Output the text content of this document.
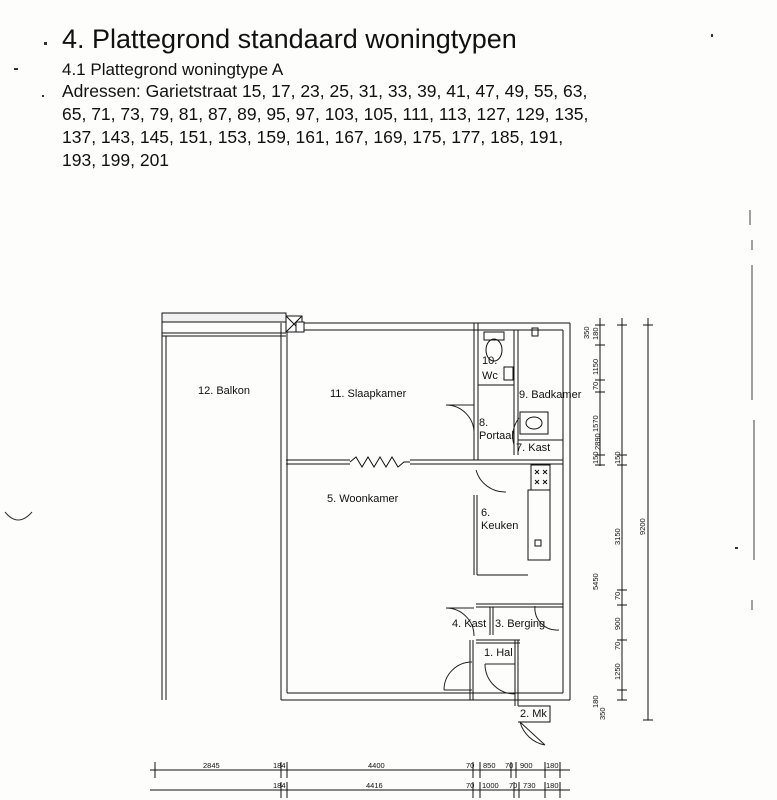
4. Plattegrond standaard woningtypen
4.1 Plattegrond woningtype A
Adressen: Garietstraat 15, 17, 23, 25, 31, 33, 39, 41, 47, 49, 55, 63,
65, 71, 73, 79, 81, 87, 89, 95, 97, 103, 105, 111, 113, 127, 129, 135,
137, 143, 145, 151, 153, 159, 161, 167, 169, 175, 177, 185, 191,
193, 199, 201
12. Balkon	11. Slaapkamer	9. Badkamer
10.
Wc
8.
Portaal
7. Kast
5. Woonkamer
6.
Keuken
4. Kast 3. Berging
1. Hal
2. Mk
2845	184	4400	70 850 70 900 180
184	4416	70 1000 70 730 180
180
350
1150
70
1570
150
2890
150
3150
70
900
70
1250
180
350
5450
9200
